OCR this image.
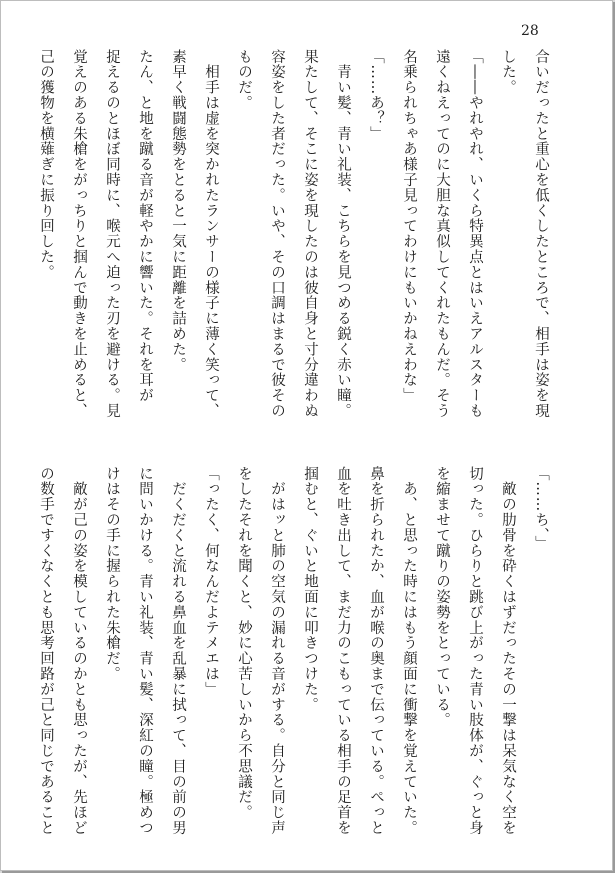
28

合いだったと重心を低くしたところで、相手は姿を現

した。

「――やれやれ、いくら特異点とはいえアルスターも

遠くねえってのに大胆な真似してくれたもんだ。そう

名乗られちゃあ様子見ってわけにもいかねえわな」

「……あ？」

　青い髪、青い礼装、こちらを見つめる鋭く赤い瞳。

果たして、そこに姿を現したのは彼自身と寸分違わぬ

容姿をした者だった。いや、その口調はまるで彼その

ものだ。

　相手は虚を突かれたランサーの様子に薄く笑って、

素早く戦闘態勢をとると一気に距離を詰めた。

たん、と地を蹴る音が軽やかに響いた。それを耳が

捉えるのとほぼ同時に、喉元へ迫った刃を避ける。見

覚えのある朱槍をがっちりと掴んで動きを止めると、

己の獲物を横薙ぎに振り回した。

「……ち、」

　敵の肋骨を砕くはずだったその一撃は呆気なく空を

切った。ひらりと跳び上がった青い肢体が、ぐっと身

を縮ませて蹴りの姿勢をとっている。

　あ、と思った時にはもう顔面に衝撃を覚えていた。

鼻を折られたか、血が喉の奥まで伝っている。ぺっと

血を吐き出して、まだ力のこもっている相手の足首を

掴むと、ぐいと地面に叩きつけた。

　がはッと肺の空気の漏れる音がする。自分と同じ声

をしたそれを聞くと、妙に心苦しいから不思議だ。

「ったく、何なんだよテメエは」

　だくだくと流れる鼻血を乱暴に拭って、目の前の男

に問いかける。青い礼装、青い髪、深紅の瞳。極めつ

けはその手に握られた朱槍だ。

　敵が己の姿を模しているのかとも思ったが、先ほど

の数手ですくなくとも思考回路が己と同じであること
